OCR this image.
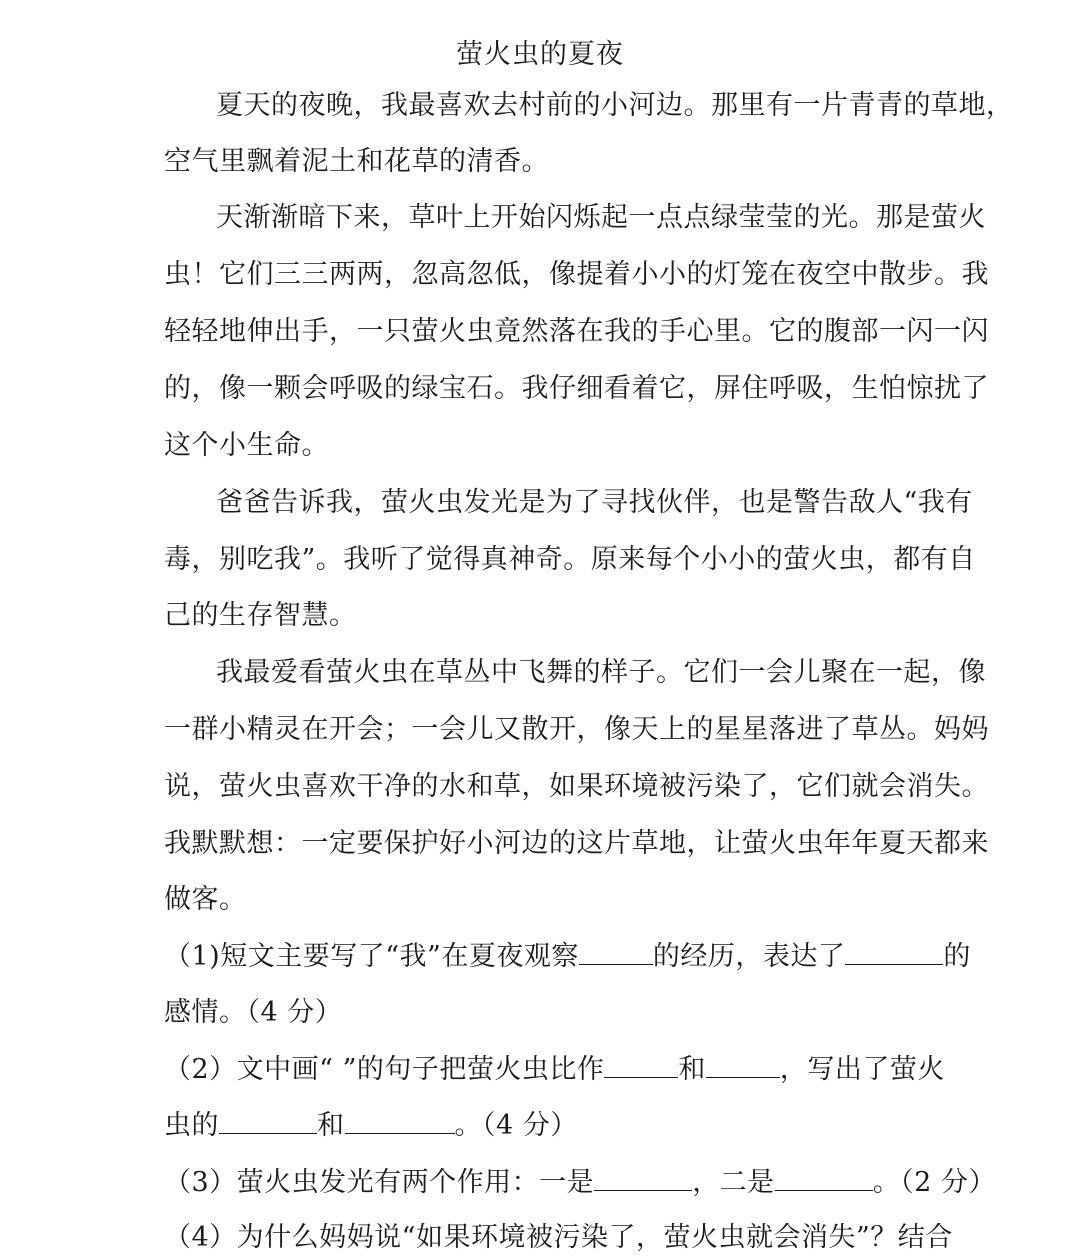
萤火虫的夏夜
夏天的夜晚，我最喜欢去村前的小河边。那里有一片青青的草地，
空气里飘着泥土和花草的清香。
天渐渐暗下来，草叶上开始闪烁起一点点绿莹莹的光。那是萤火
虫！它们三三两两，忽高忽低，像提着小小的灯笼在夜空中散步。我
轻轻地伸出手，一只萤火虫竟然落在我的手心里。它的腹部一闪一闪
的，像一颗会呼吸的绿宝石。我仔细看着它，屏住呼吸，生怕惊扰了
这个小生命。
爸爸告诉我，萤火虫发光是为了寻找伙伴，也是警告敌人“我有
毒，别吃我”。我听了觉得真神奇。原来每个小小的萤火虫，都有自
己的生存智慧。
我最爱看萤火虫在草丛中飞舞的样子。它们一会儿聚在一起，像
一群小精灵在开会；一会儿又散开，像天上的星星落进了草丛。妈妈
说，萤火虫喜欢干净的水和草，如果环境被污染了，它们就会消失。
我默默想：一定要保护好小河边的这片草地，让萤火虫年年夏天都来
做客。
（1)短文主要写了“我”在夏夜观察	的经历，表达了	的
感情。（4 分）
（2）文中画“ ”的句子把萤火虫比作	和	，写出了萤火
虫的	和	。（4 分）
（3）萤火虫发光有两个作用：一是	，二是	。（2 分）
（4）为什么妈妈说“如果环境被污染了，萤火虫就会消失”？结合
